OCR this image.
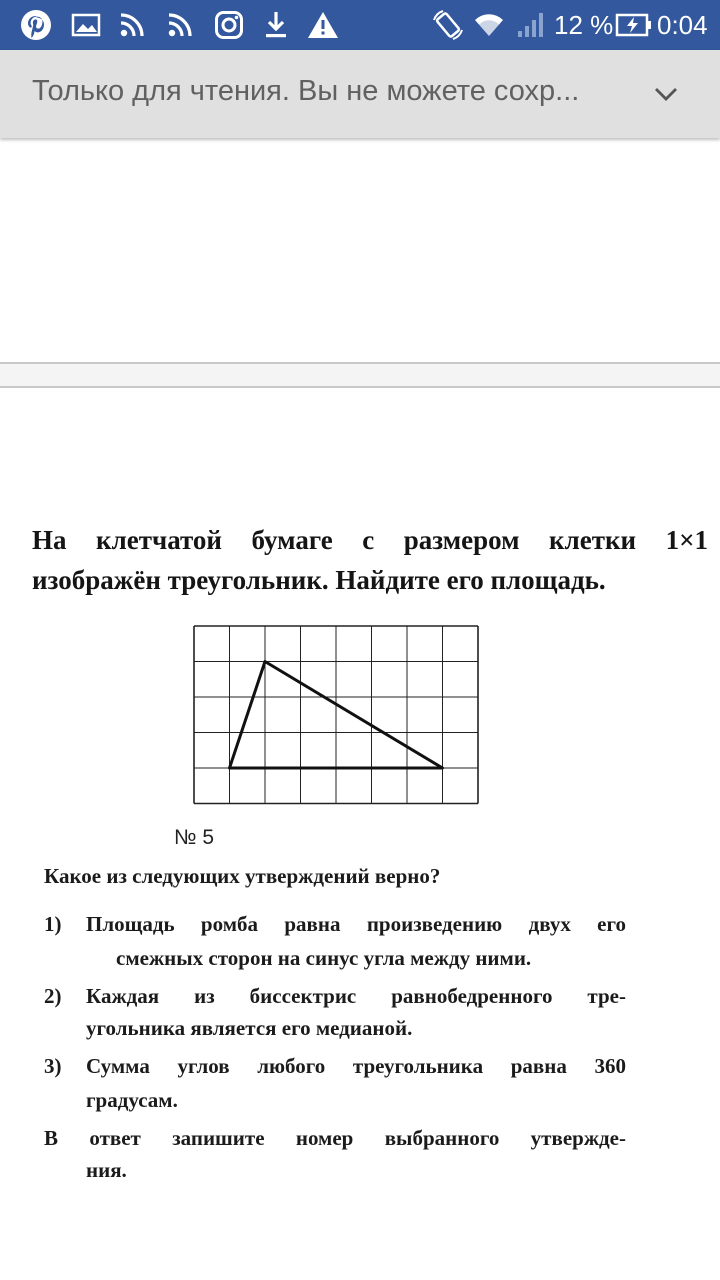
12 % 0:04
Только для чтения. Вы не можете сохр...
На клетчатой бумаге с размером клетки 1×1
изображён треугольник. Найдите его площадь.
№ 5
Какое из следующих утверждений верно?
1) Площадь ромба равна произведению двух его
смежных сторон на синус угла между ними.
2) Каждая из биссектрис равнобедренного тре-
угольника является его медианой.
3) Сумма углов любого треугольника равна 360
градусам.
В ответ запишите номер выбранного утвержде-
ния.
